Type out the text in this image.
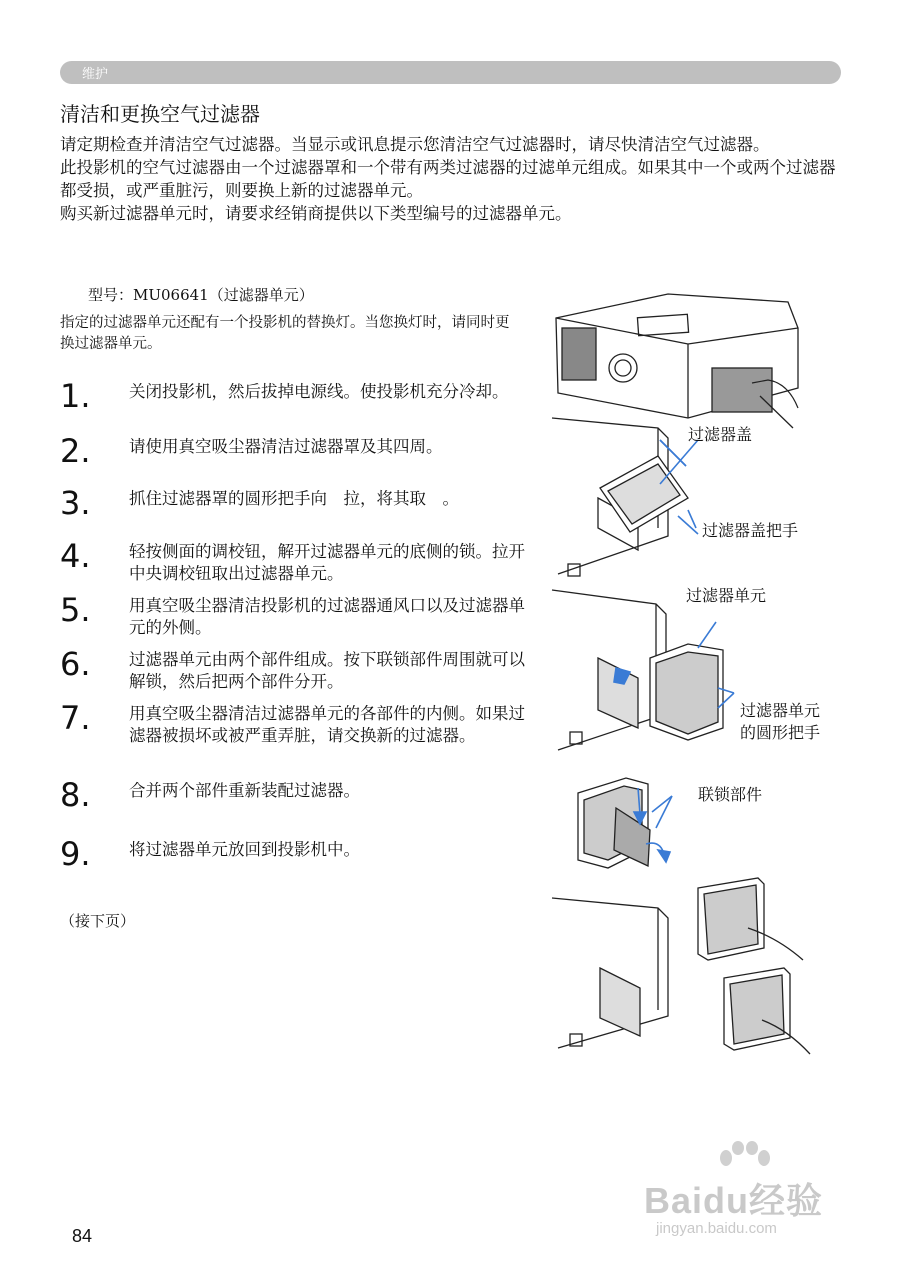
维护
清洁和更换空气过滤器

请定期检查并清洁空气过滤器。当显示或讯息提示您清洁空气过滤器时，请尽快清洁空气过滤器。

此投影机的空气过滤器由一个过滤器罩和一个带有两类过滤器的过滤单元组成。如果其中一个或两个过滤器都受损，或严重脏污，则要换上新的过滤器单元。

购买新过滤器单元时，请要求经销商提供以下类型编号的过滤器单元。

型号：MU06641（过滤器单元）
指定的过滤器单元还配有一个投影机的替换灯。当您换灯时，请同时更换过滤器单元。
1.	关闭投影机，然后拔掉电源线。使投影机充分冷却。
2.	请使用真空吸尘器清洁过滤器罩及其四周。
3.	抓住过滤器罩的圆形把手向　拉，将其取　。
4.	轻按侧面的调校钮，解开过滤器单元的底侧的锁。拉开中央调校钮取出过滤器单元。
5.	用真空吸尘器清洁投影机的过滤器通风口以及过滤器单元的外侧。
6.	过滤器单元由两个部件组成。按下联锁部件周围就可以解锁，然后把两个部件分开。
7.	用真空吸尘器清洁过滤器单元的各部件的内侧。如果过滤器被损坏或被严重弄脏，请交换新的过滤器。
8.	合并两个部件重新装配过滤器。
9.	将过滤器单元放回到投影机中。
（接下页）
过滤器盖
过滤器盖把手
过滤器单元
过滤器单元的圆形把手
联锁部件
84
Baidu经验
jingyan.baidu.com
